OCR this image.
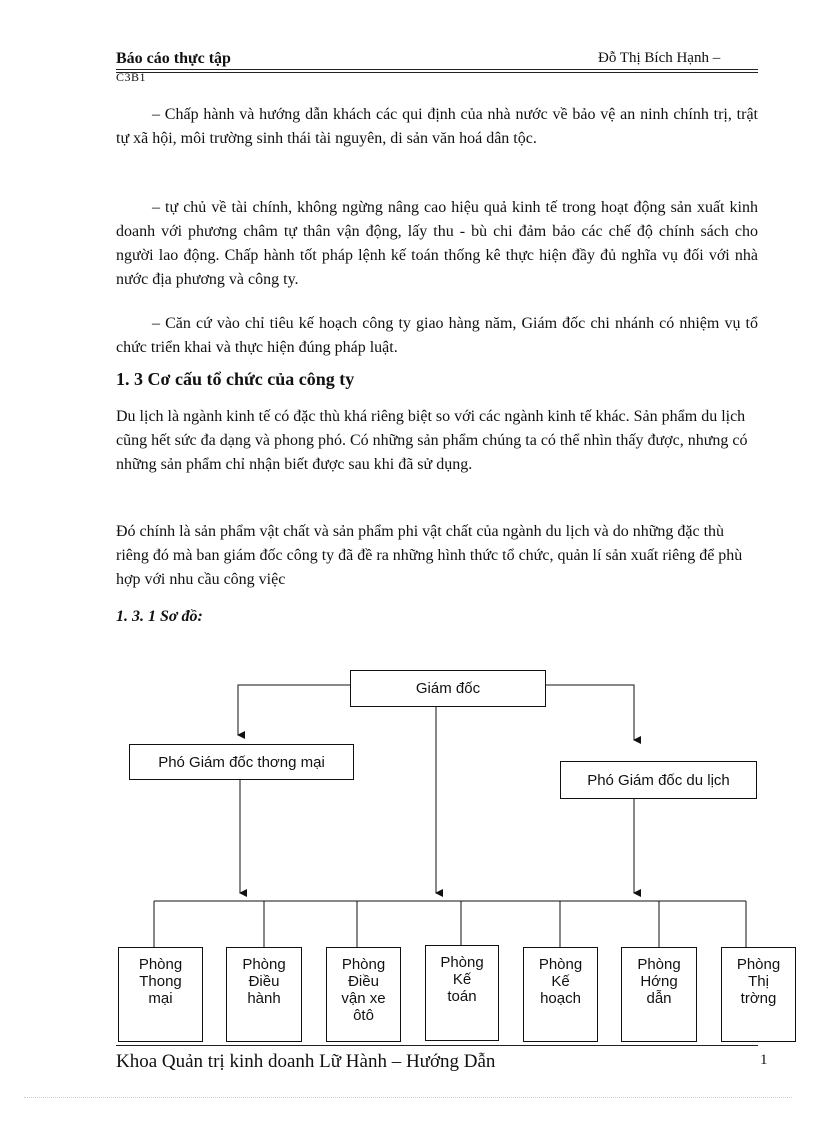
Báo cáo thực tập	Đỗ Thị Bích Hạnh –
C3B1

– Chấp hành và hướng dẫn khách các qui định của nhà nước về bảo vệ an ninh chính trị, trật tự xã hội, môi trường sinh thái tài nguyên, di sản văn hoá dân tộc.

– tự chủ về tài chính, không ngừng nâng cao hiệu quả kinh tế trong hoạt động sản xuất kinh doanh với phương châm tự thân vận động, lấy thu - bù chi đảm bảo các chế độ chính sách cho người lao động. Chấp hành tốt pháp lệnh kế toán thống kê thực hiện đầy đủ nghĩa vụ đối với nhà nước địa phương và công ty.

– Căn cứ vào chỉ tiêu kế hoạch công ty giao hàng năm, Giám đốc chi nhánh có nhiệm vụ tổ chức triển khai và thực hiện đúng pháp luật.

1. 3 Cơ cấu tổ chức của công ty

Du lịch là ngành kinh tế có đặc thù khá riêng biệt so với các ngành kinh tế khác. Sản phẩm du lịch cũng hết sức đa dạng và phong phó. Có những sản phẩm chúng ta có thể nhìn thấy được, nhưng có những sản phẩm chỉ nhận biết được sau khi đã sử dụng.

Đó chính là sản phẩm vật chất và sản phẩm phi vật chất của ngành du lịch và do những đặc thù riêng đó mà ban giám đốc công ty đã đề ra những hình thức tổ chức, quản lí sản xuất riêng để phù hợp với nhu cầu công việc

1. 3. 1 Sơ đồ:
Giám đốc
Phó Giám đốc thơng mại
Phó Giám đốc du lịch
Phòng
Thong
mại
Phòng
Điều
hành
Phòng
Điều
vận xe
ôtô
Phòng
Kế
toán
Phòng
Kế
hoạch
Phòng
Hớng
dẫn
Phòng
Thị
trờng
Khoa Quản trị kinh doanh Lữ Hành – Hướng Dẫn	1
